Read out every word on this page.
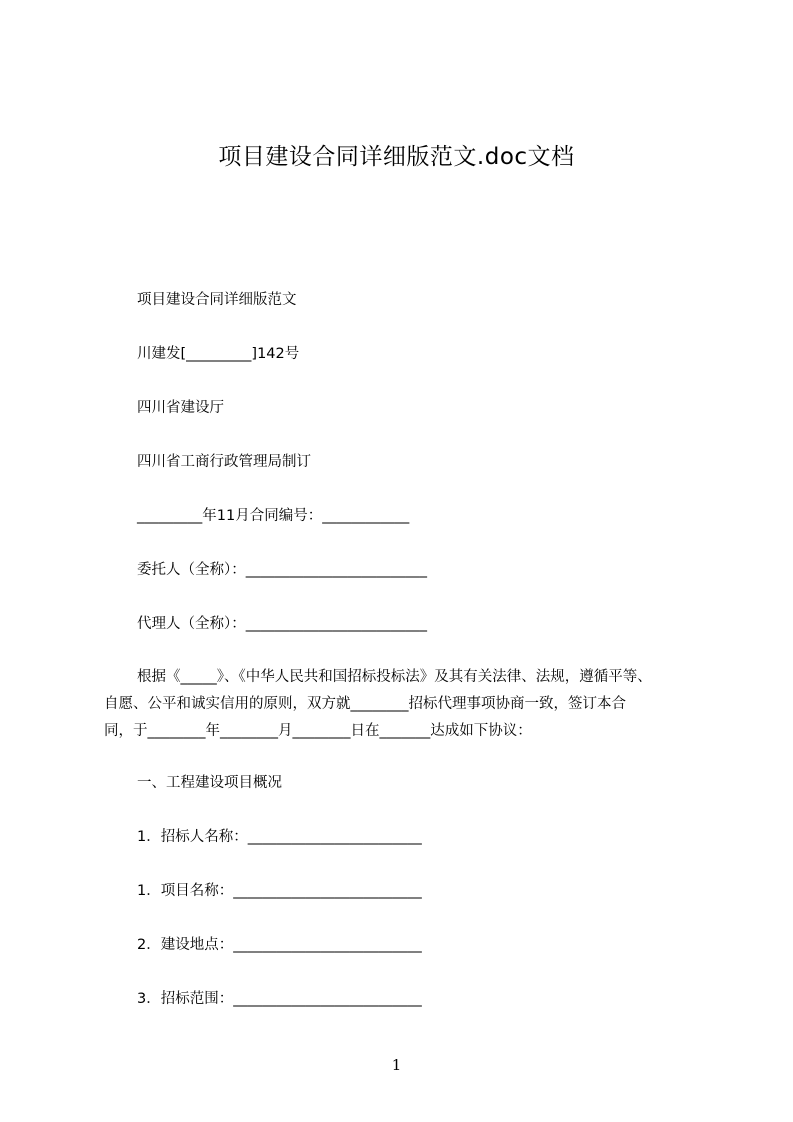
项目建设合同详细版范文.doc文档
项目建设合同详细版范文
川建发[_________]142号
四川省建设厅
四川省工商行政管理局制订
_________年11月合同编号：____________
委托人（全称）：_________________________
代理人（全称）：_________________________
根据《_____》、《中华人民共和国招标投标法》及其有关法律、法规，遵循平等、
自愿、公平和诚实信用的原则，双方就________招标代理事项协商一致，签订本合
同，于________年________月________日在_______达成如下协议：
一、工程建设项目概况
1．招标人名称：________________________
1．项目名称：__________________________
2．建设地点：__________________________
3．招标范围：__________________________
1
